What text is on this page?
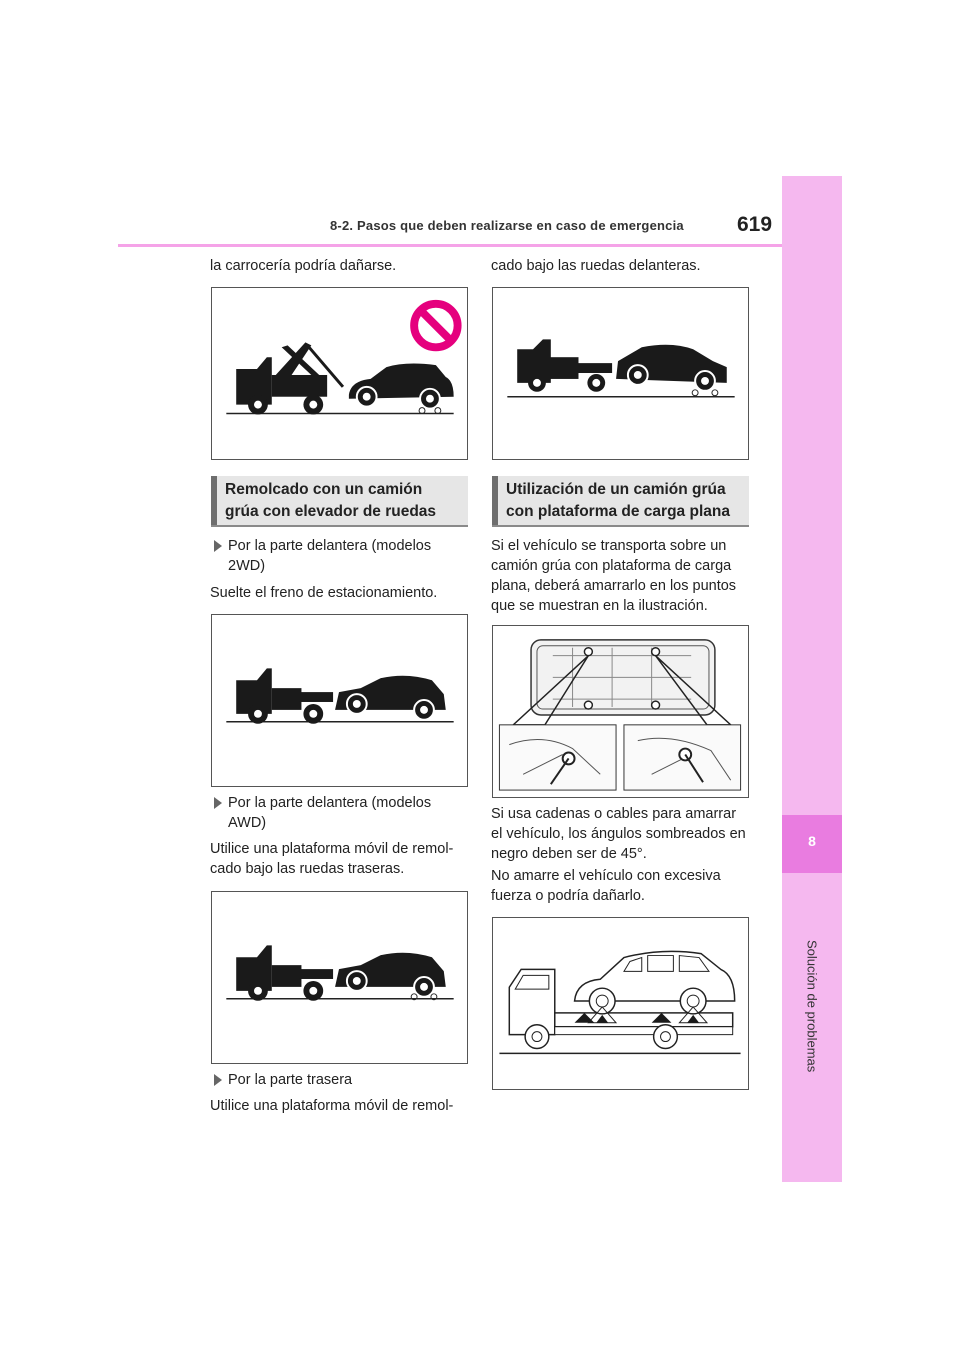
8-2. Pasos que deben realizarse en caso de emergencia	619
8
Solución de problemas
la carrocería podría dañarse.
Remolcado con un camión
grúa con elevador de ruedas
Por la parte delantera (modelos
2WD)
Suelte el freno de estacionamiento.
Por la parte delantera (modelos
AWD)
Utilice una plataforma móvil de remol-
cado bajo las ruedas traseras.
Por la parte trasera
Utilice una plataforma móvil de remol-
cado bajo las ruedas delanteras.
Utilización de un camión grúa
con plataforma de carga plana
Si el vehículo se transporta sobre un
camión grúa con plataforma de carga
plana, deberá amarrarlo en los puntos
que se muestran en la ilustración.
Si usa cadenas o cables para amarrar
el vehículo, los ángulos sombreados en
negro deben ser de 45°.
No amarre el vehículo con excesiva
fuerza o podría dañarlo.
